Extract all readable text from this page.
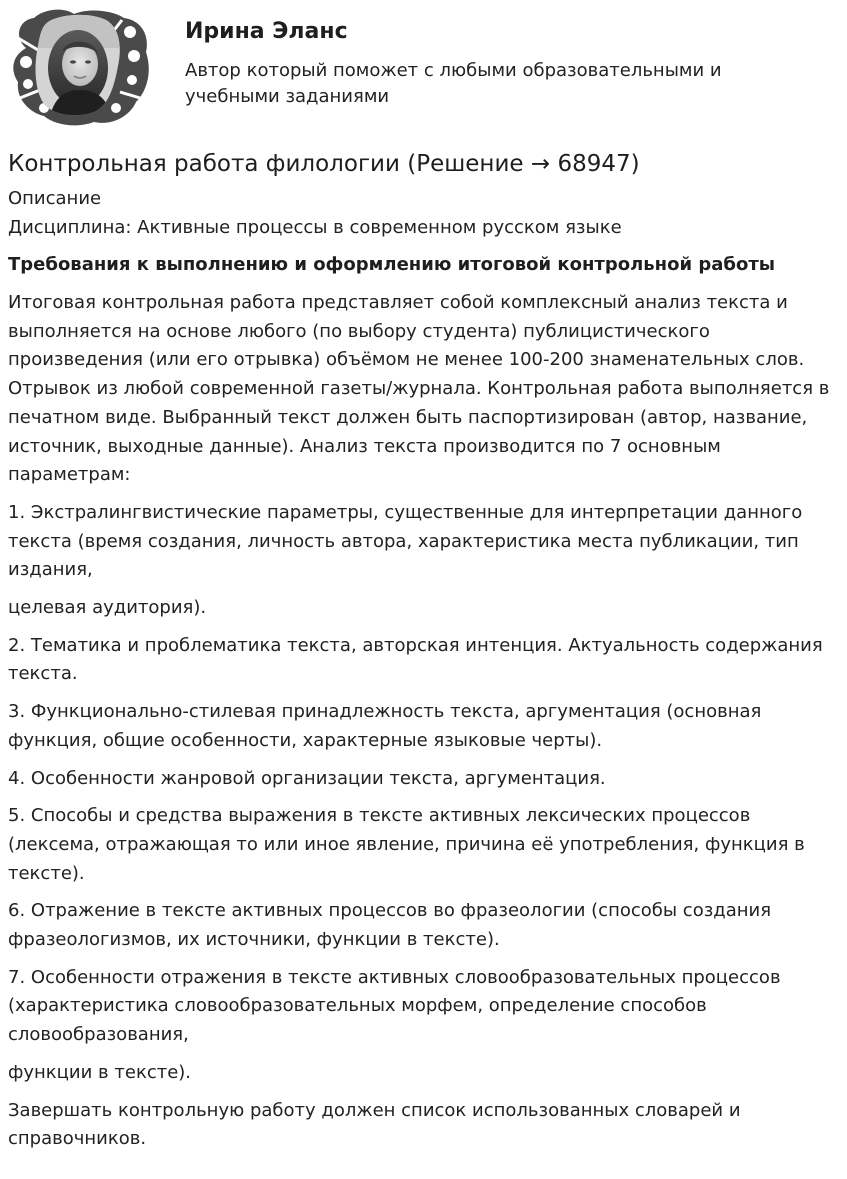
Ирина Эланс

Автор который поможет с любыми образовательными и учебными заданиями

Контрольная работа филологии (Решение → 68947)

Описание

Дисциплина: Активные процессы в современном русском языке

Требования к выполнению и оформлению итоговой контрольной работы

Итоговая контрольная работа представляет собой комплексный анализ текста и выполняется на основе любого (по выбору студента) публицистического произведения (или его отрывка) объёмом не менее 100-200 знаменательных слов. Отрывок из любой современной газеты/журнала. Контрольная работа выполняется в печатном виде. Выбранный текст должен быть паспортизирован (автор, название, источник, выходные данные). Анализ текста производится по 7 основным параметрам:

1. Экстралингвистические параметры, существенные для интерпретации данного текста (время создания, личность автора, характеристика места публикации, тип издания,

целевая аудитория).

2. Тематика и проблематика текста, авторская интенция. Актуальность содержания текста.

3. Функционально-стилевая принадлежность текста, аргументация (основная функция, общие особенности, характерные языковые черты).

4. Особенности жанровой организации текста, аргументация.

5. Способы и средства выражения в тексте активных лексических процессов (лексема, отражающая то или иное явление, причина её употребления, функция в тексте).

6. Отражение в тексте активных процессов во фразеологии (способы создания фразеологизмов, их источники, функции в тексте).

7. Особенности отражения в тексте активных словообразовательных процессов (характеристика словообразовательных морфем, определение способов словообразования,

функции в тексте).

Завершать контрольную работу должен список использованных словарей и справочников.
